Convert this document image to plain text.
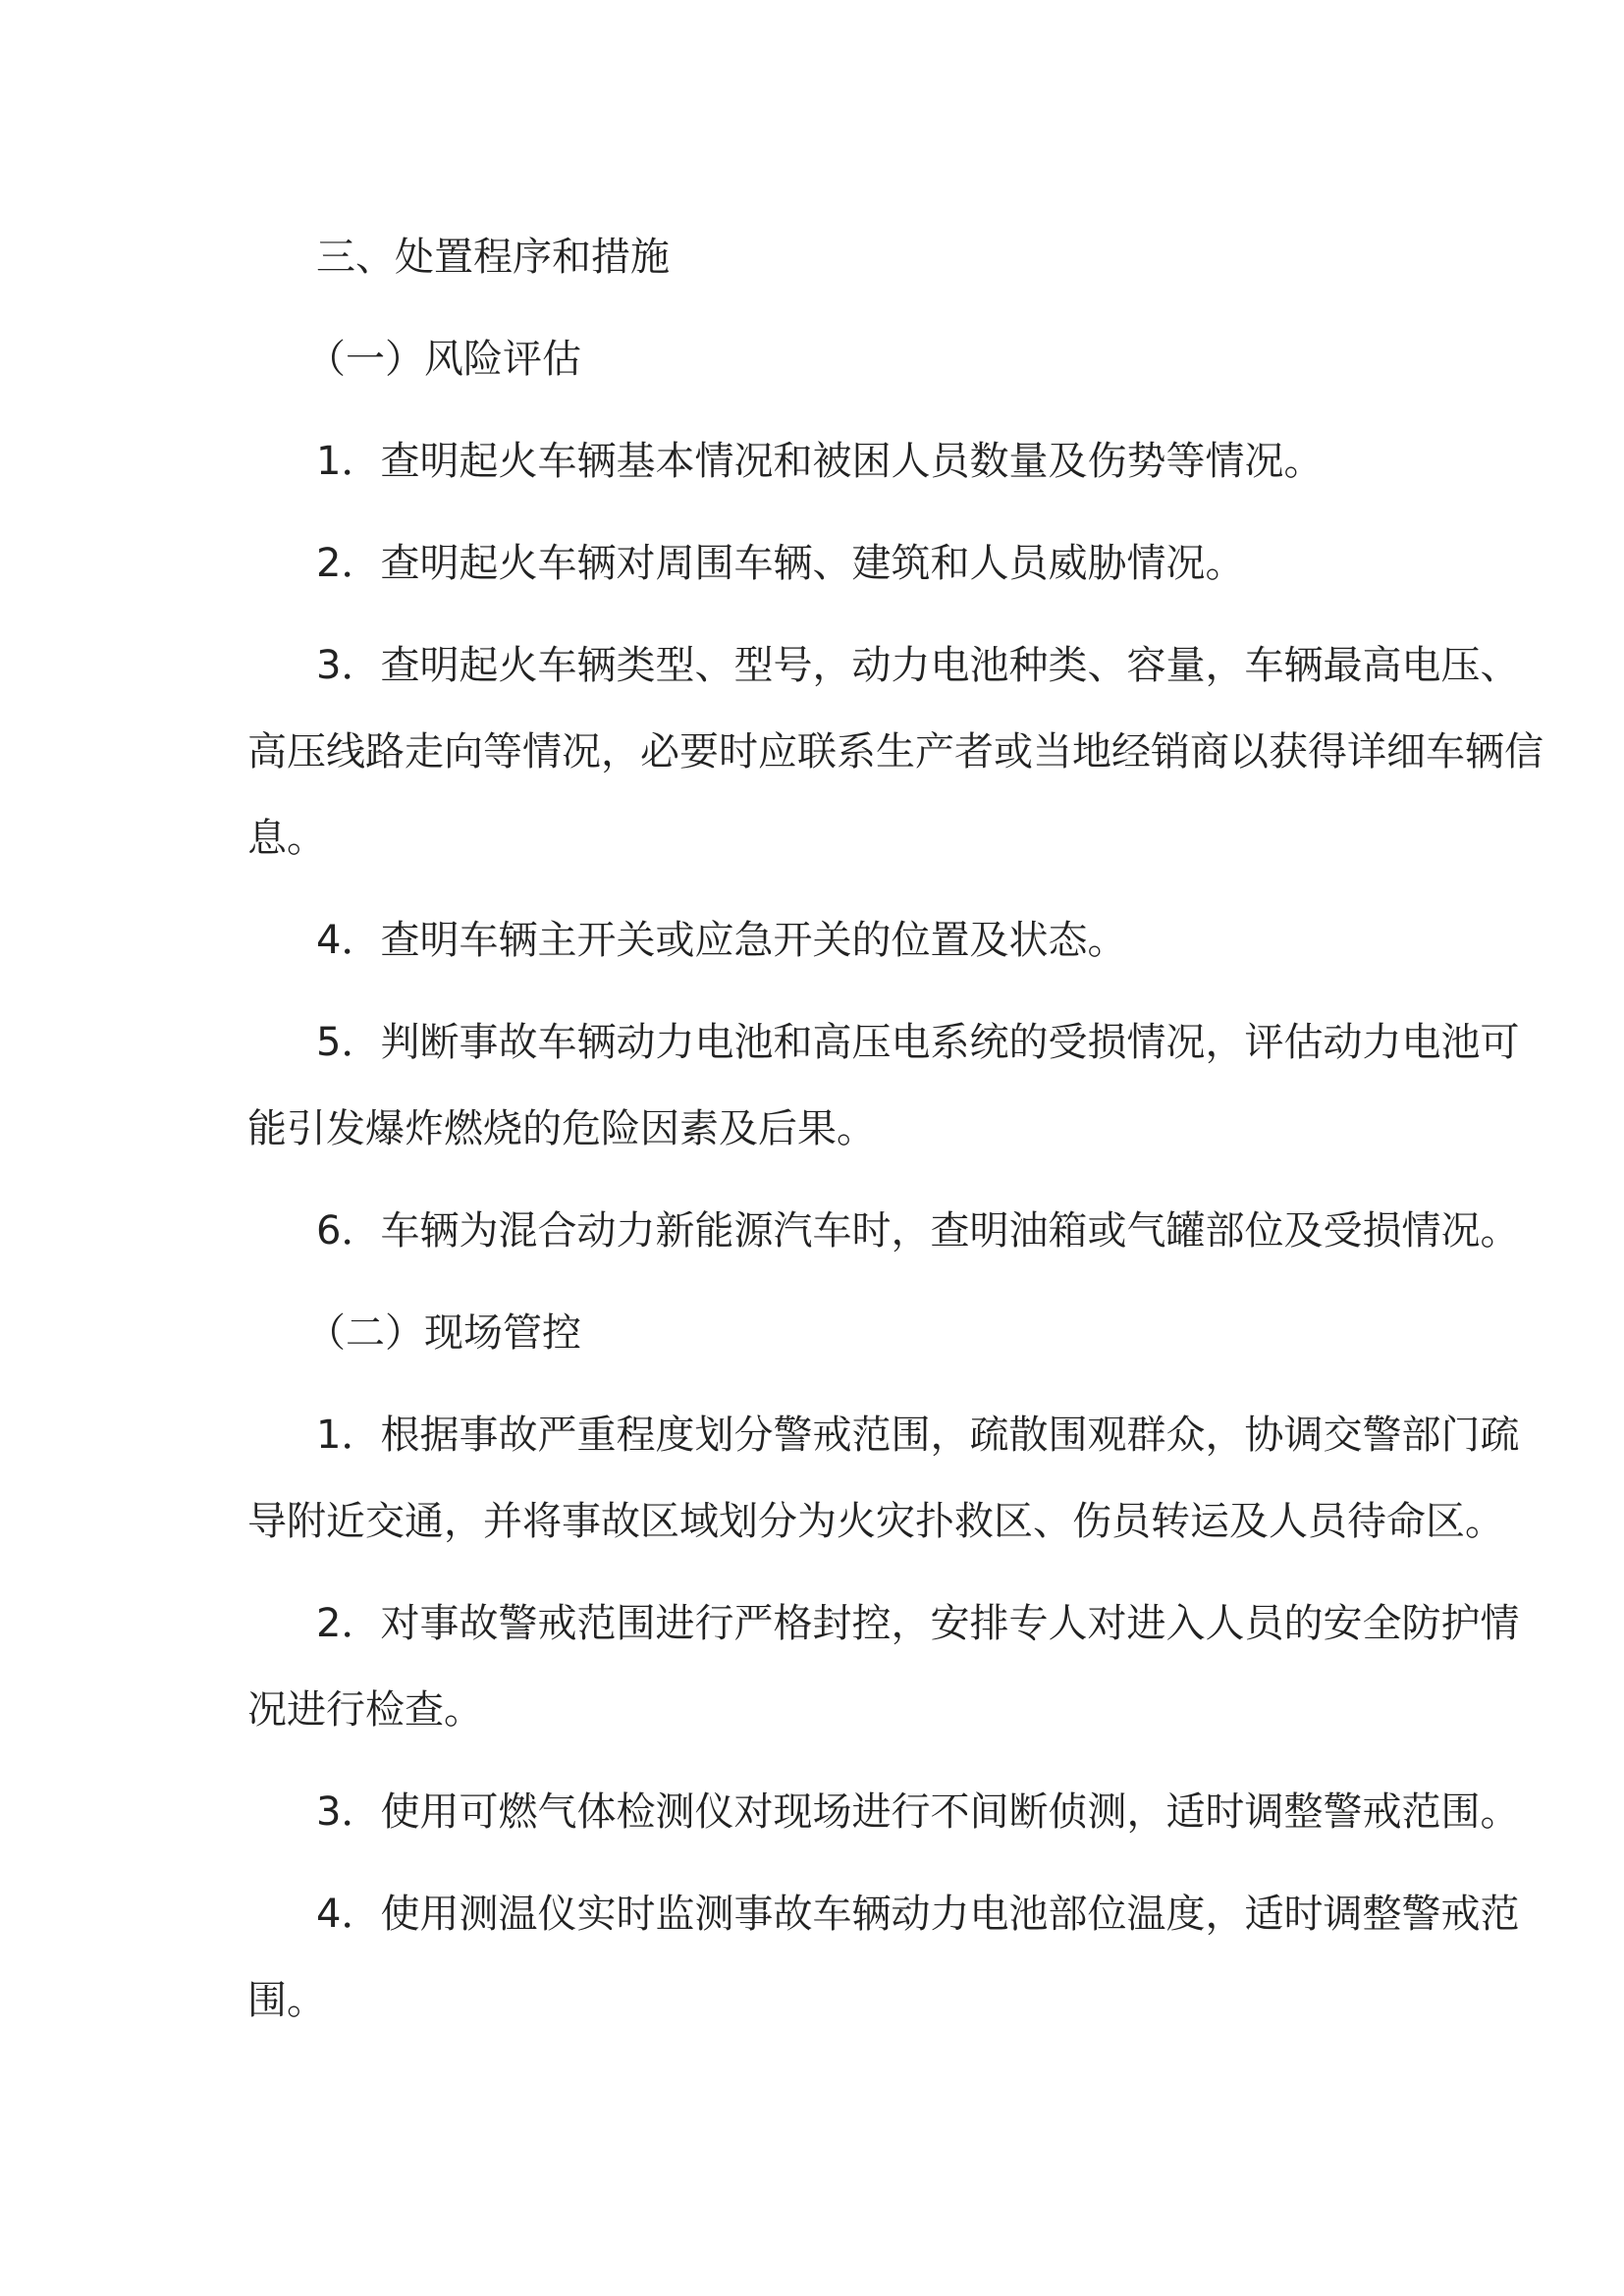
三、处置程序和措施
（一）风险评估
1．查明起火车辆基本情况和被困人员数量及伤势等情况。
2．查明起火车辆对周围车辆、建筑和人员威胁情况。
3．查明起火车辆类型、型号，动力电池种类、容量，车辆最高电压、
高压线路走向等情况，必要时应联系生产者或当地经销商以获得详细车辆信
息。
4．查明车辆主开关或应急开关的位置及状态。
5．判断事故车辆动力电池和高压电系统的受损情况，评估动力电池可
能引发爆炸燃烧的危险因素及后果。
6．车辆为混合动力新能源汽车时，查明油箱或气罐部位及受损情况。
（二）现场管控
1．根据事故严重程度划分警戒范围，疏散围观群众，协调交警部门疏
导附近交通，并将事故区域划分为火灾扑救区、伤员转运及人员待命区。
2．对事故警戒范围进行严格封控，安排专人对进入人员的安全防护情
况进行检查。
3．使用可燃气体检测仪对现场进行不间断侦测，适时调整警戒范围。
4．使用测温仪实时监测事故车辆动力电池部位温度，适时调整警戒范
围。
